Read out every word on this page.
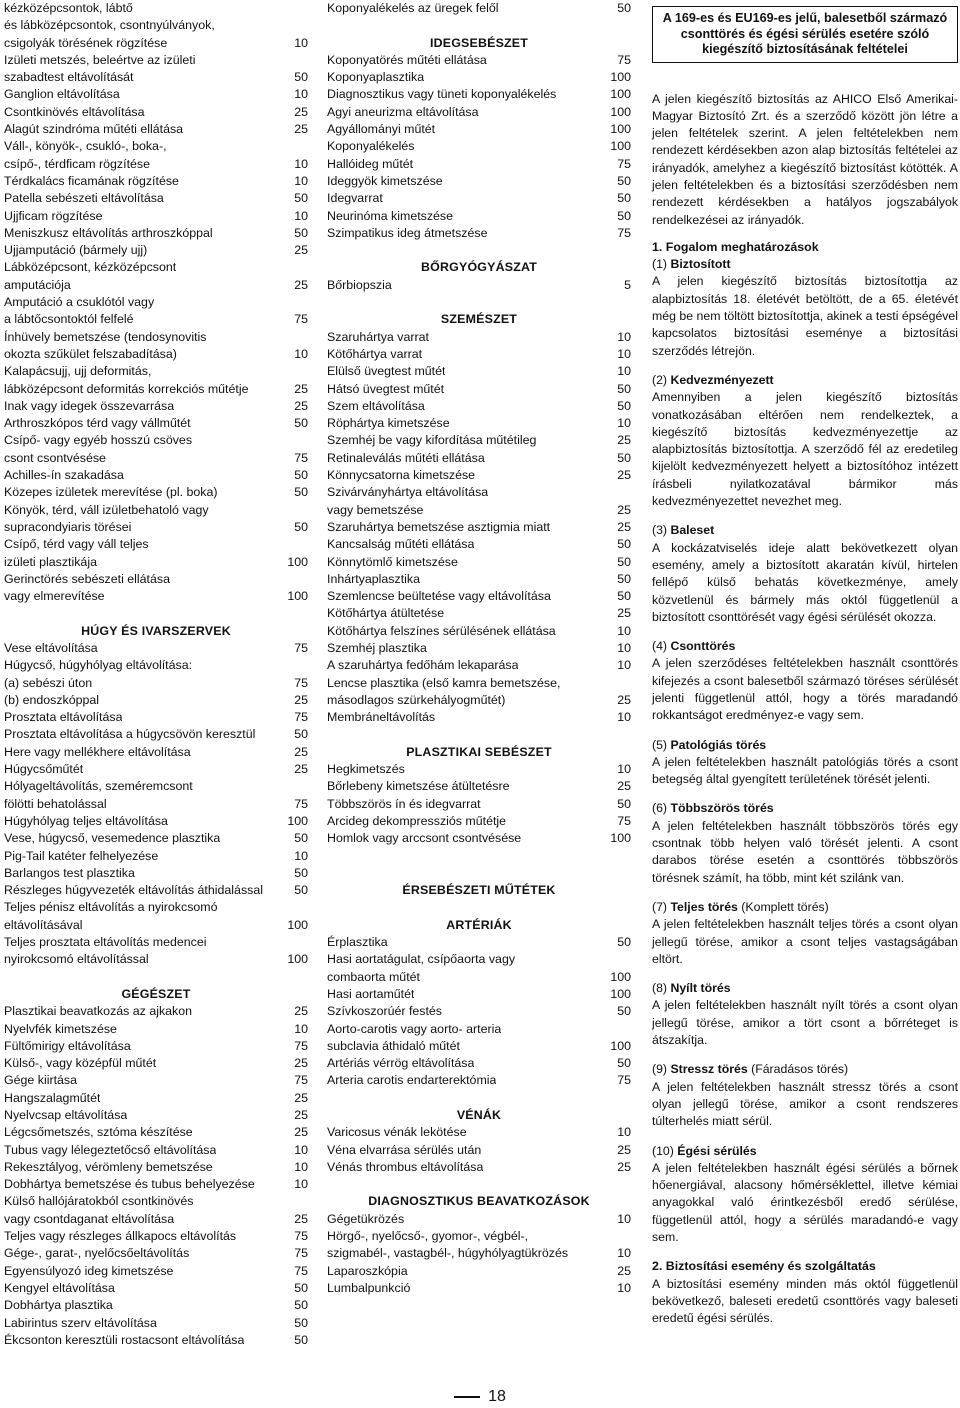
kézközépcsontok, lábtő
és lábközépcsontok, csontnyúlványok,
csigolyák törésének rögzítése	10
Izületi metszés, beleértve az izületi
szabadtest eltávolítását	50
Ganglion eltávolítása	10
Csontkinövés eltávolítása	25
Alagút szindróma műtéti ellátása	25
Váll-, könyök-, csukló-, boka-,
csípő-, térdficam rögzítése	10
Térdkalács ficamának rögzítése	10
Patella sebészeti eltávolítása	50
Ujjficam rögzítése	10
Meniszkusz eltávolítás arthroszkóppal	50
Ujjamputáció (bármely ujj)	25
Lábközépcsont, kézközépcsont
amputációja	25
Amputáció a csuklótól vagy
a lábtőcsontoktól felfelé	75
Ínhüvely bemetszése (tendosynovitis
okozta szűkület felszabadítása)	10
Kalapácsujj, ujj deformitás,
lábközépcsont deformitás korrekciós műtétje	25
Inak vagy idegek összevarrása	25
Arthroszkópos térd vagy vállműtét	50
Csípő- vagy egyéb hosszú csöves
csont csontvésése	75
Achilles-ín szakadása	50
Közepes izületek merevítése (pl. boka)	50
Könyök, térd, váll izületbehatoló vagy
supracondyiaris törései	50
Csípő, térd vagy váll teljes
izületi plasztikája	100
Gerinctörés sebészeti ellátása
vagy elmerevítése	100
HÚGY ÉS IVARSZERVEK
Vese eltávolítása	75
Húgycső, húgyhólyag eltávolítása:
(a) sebészi úton	75
(b) endoszkóppal	25
Prosztata eltávolítása	75
Prosztata eltávolítása a húgycsövön keresztül	50
Here vagy mellékhere eltávolítása	25
Húgycsőműtét	25
Hólyageltávolítás, szeméremcsont
fölötti behatolással	75
Húgyhólyag teljes eltávolítása	100
Vese, húgycső, vesemedence plasztika	50
Pig-Tail katéter felhelyezése	10
Barlangos test plasztika	50
Részleges húgyvezeték eltávolítás áthidalással	50
Teljes pénisz eltávolítás a nyirokcsomó
eltávolításával	100
Teljes prosztata eltávolítás medencei
nyirokcsomó eltávolítással	100
GÉGÉSZET
Plasztikai beavatkozás az ajkakon	25
Nyelvfék kimetszése	10
Fültőmirigy eltávolítása	75
Külső-, vagy középfül műtét	25
Gége kiirtása	75
Hangszalagműtét	25
Nyelvcsap eltávolítása	25
Légcsőmetszés, sztóma készítése	25
Tubus vagy lélegeztetőcső eltávolítása	10
Rekesztályog, vérömleny bemetszése	10
Dobhártya bemetszése és tubus behelyezése	10
Külső hallójáratokból csontkinövés
vagy csontdaganat eltávolítása	25
Teljes vagy részleges állkapocs eltávolítás	75
Gége-, garat-, nyelőcsőeltávolítás	75
Egyensúlyozó ideg kimetszése	75
Kengyel eltávolítása	50
Dobhártya plasztika	50
Labirintus szerv eltávolítása	50
Ékcsonton keresztüli rostacsont eltávolítása	50
Koponyalékelés az üregek felől	50
IDEGSEBÉSZET
Koponyatörés műtéti ellátása	75
Koponyaplasztika	100
Diagnosztikus vagy tüneti koponyalékelés	100
Agyi aneurizma eltávolítása	100
Agyállományi műtét	100
Koponyalékelés	100
Hallóideg műtét	75
Ideggyök kimetszése	50
Idegvarrat	50
Neurinóma kimetszése	50
Szimpatikus ideg átmetszése	75
BŐRGYÓGYÁSZAT
Bőrbiopszia	5
SZEMÉSZET
Szaruhártya varrat	10
Kötőhártya varrat	10
Elülső üvegtest műtét	10
Hátsó üvegtest műtét	50
Szem eltávolítása	50
Röphártya kimetszése	10
Szemhéj be vagy kifordítása műtétileg	25
Retinaleválás műtéti ellátása	50
Könnycsatorna kimetszése	25
Szivárványhártya eltávolítása
vagy bemetszése	25
Szaruhártya bemetszése asztigmia miatt	25
Kancsalság műtéti ellátása	50
Könnytömlő kimetszése	50
Inhártyaplasztika	50
Szemlencse beültetése vagy eltávolítása	50
Kötőhártya átültetése	25
Kötőhártya felszínes sérülésének ellátása	10
Szemhéj plasztika	10
A szaruhártya fedőhám lekaparása	10
Lencse plasztika (első kamra bemetszése,
másodlagos szürkehályogműtét)	25
Membráneltávolítás	10
PLASZTIKAI SEBÉSZET
Hegkimetszés	10
Bőrlebeny kimetszése átültetésre	25
Többszörös ín és idegvarrat	50
Arcideg dekompressziós műtétje	75
Homlok vagy arccsont csontvésése	100
ÉRSEBÉSZETI MŰTÉTEK
ARTÉRIÁK
Érplasztika	50
Hasi aortatágulat, csípőaorta vagy
combaorta műtét	100
Hasi aortaműtét	100
Szívkoszorúér festés	50
Aorto-carotis vagy aorto- arteria
subclavia áthidaló műtét	100
Artériás vérrög eltávolítása	50
Arteria carotis endarterektómia	75
VÉNÁK
Varicosus vénák lekötése	10
Véna elvarrása sérülés után	25
Vénás thrombus eltávolítása	25
DIAGNOSZTIKUS BEAVATKOZÁSOK
Gégetükrözés	10
Hörgő-, nyelőcső-, gyomor-, végbél-,
szigmabél-, vastagbél-, húgyhólyagtükrözés	10
Laparoszkópia	25
Lumbalpunkció	10
A 169-es és EU169-es jelű, balesetből származó csonttörés és égési sérülés esetére szóló kiegészítő biztosításának feltételei
A jelen kiegészítő biztosítás az AHICO Első Amerikai-Magyar Biztosító Zrt. és a szerződő között jön létre a jelen feltételek szerint. A jelen feltételekben nem rendezett kérdésekben azon alap biztosítás feltételei az irányadók, amelyhez a kiegészítő biztosítást kötötték. A jelen feltételekben és a biztosítási szerződésben nem rendezett kérdésekben a hatályos jogszabályok rendelkezései az irányadók.
1. Fogalom meghatározások
(1) Biztosított
A jelen kiegészítő biztosítás biztosítottja az alapbiztosítás 18. életévét betöltött, de a 65. életévét még be nem töltött biztosítottja, akinek a testi épségével kapcsolatos biztosítási eseménye a biztosítási szerződés létrejön.
(2) Kedvezményezett
Amennyiben a jelen kiegészítő biztosítás vonatkozásában eltérően nem rendelkeztek, a kiegészítő biztosítás kedvezményezettje az alapbiztosítás biztosítottja. A szerződő fél az eredetileg kijelölt kedvezményezett helyett a biztosítóhoz intézett írásbeli nyilatkozatával bármikor más kedvezményezettet nevezhet meg.
(3) Baleset
A kockázatviselés ideje alatt bekövetkezett olyan esemény, amely a biztosított akaratán kívül, hirtelen fellépő külső behatás következménye, amely közvetlenül és bármely más októl függetlenül a biztosított csonttörését vagy égési sérülését okozza.
(4) Csonttörés
A jelen szerződéses feltételekben használt csonttörés kifejezés a csont balesetből származó töréses sérülését jelenti függetlenül attól, hogy a törés maradandó rokkantságot eredményez-e vagy sem.
(5) Patológiás törés
A jelen feltételekben használt patológiás törés a csont betegség által gyengített területének törését jelenti.
(6) Többszörös törés
A jelen feltételekben használt többszörös törés egy csontnak több helyen való törését jelenti. A csont darabos törése esetén a csonttörés többszörös törésnek számít, ha több, mint két szilánk van.
(7) Teljes törés (Komplett törés)
A jelen feltételekben használt teljes törés a csont olyan jellegű törése, amikor a csont teljes vastagságában eltört.
(8) Nyílt törés
A jelen feltételekben használt nyílt törés a csont olyan jellegű törése, amikor a tört csont a bőrréteget is átszakítja.
(9) Stressz törés (Fáradásos törés)
A jelen feltételekben használt stressz törés a csont olyan jellegű törése, amikor a csont rendszeres túlterhelés miatt sérül.
(10) Égési sérülés
A jelen feltételekben használt égési sérülés a bőrnek hőenergiával, alacsony hőmérséklettel, illetve kémiai anyagokkal való érintkezésből eredő sérülése, függetlenül attól, hogy a sérülés maradandó-e vagy sem.
2. Biztosítási esemény és szolgáltatás
A biztosítási esemény minden más októl függetlenül bekövetkező, baleseti eredetű csonttörés vagy baleseti eredetű égési sérülés.
18
